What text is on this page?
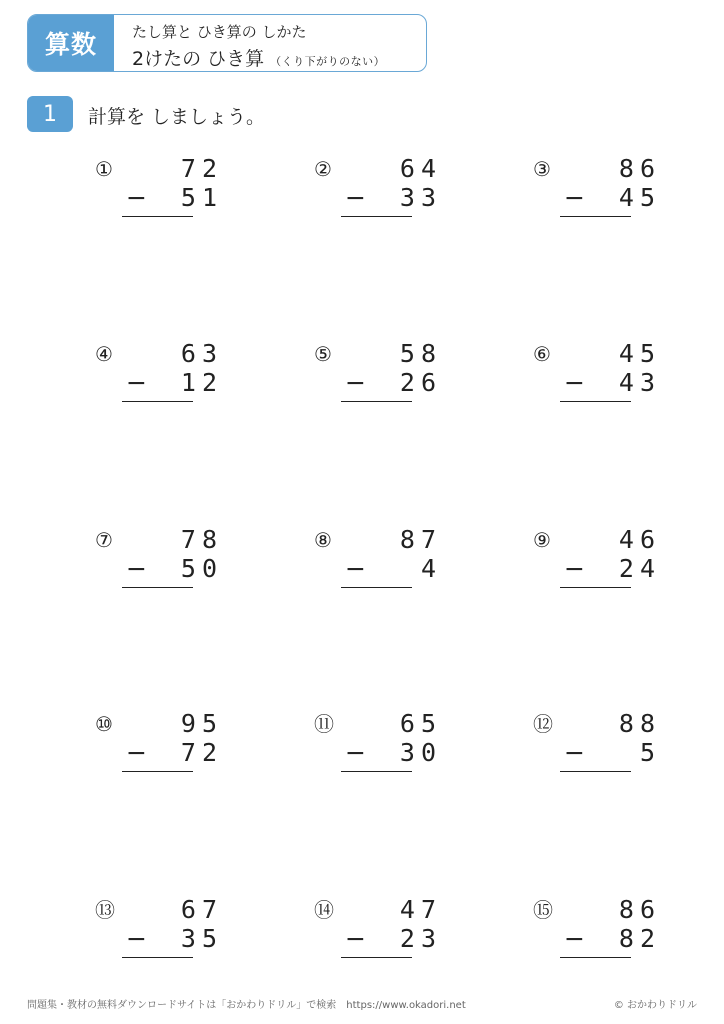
算数	たし算と ひき算の しかた
2けたの ひき算 （くり下がりのない）
1	計算を しましょう。
①	72
−	51
②	64
−	33
③	86
−	45
④	63
−	12
⑤	58
−	26
⑥	45
−	43
⑦	78
−	50
⑧	87
−	4
⑨	46
−	24
⑩	95
−	72
⑪	65
−	30
⑫	88
−	5
⑬	67
−	35
⑭	47
−	23
⑮	86
−	82
問題集・教材の無料ダウンロードサイトは「おかわりドリル」で検索　https://www.okadori.net	© おかわりドリル
